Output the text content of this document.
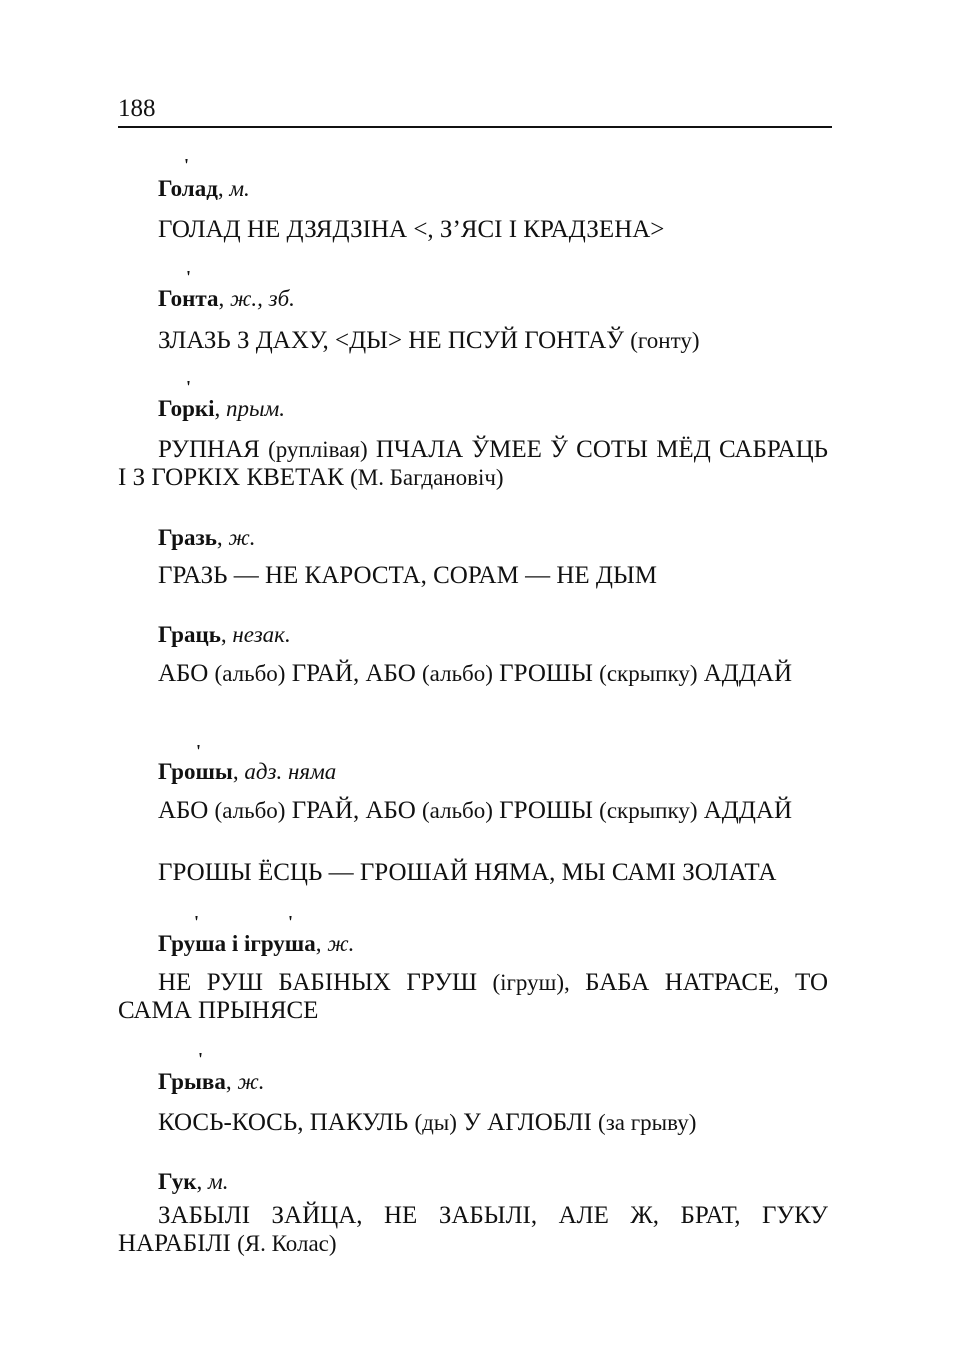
188
'
Голад, м.
ГОЛАД НЕ ДЗЯДЗІНА <, З’ЯСІ І КРАДЗЕНА>
'
Гонта, ж., зб.
ЗЛАЗЬ З ДАХУ, <ДЫ> НЕ ПСУЙ ГОНТАЎ (гонту)
'
Горкі, прым.
РУПНАЯ (руплівая) ПЧАЛА ЎМЕЕ Ў СОТЫ МЁД САБРАЦЬ І З ГОРКІХ КВЕТАК (М. Багдановіч)
Гразь, ж.
ГРАЗЬ — НЕ КАРОСТА, СОРАМ — НЕ ДЫМ
Граць, незак.
АБО (альбо) ГРАЙ, АБО (альбо) ГРОШЫ (скрыпку) АДДАЙ
'
Грошы, адз. няма
АБО (альбо) ГРАЙ, АБО (альбо) ГРОШЫ (скрыпку) АДДАЙ
ГРОШЫ ЁСЦЬ — ГРОШАЙ НЯМА, МЫ САМІ ЗОЛАТА
'	'
Груша і ігруша, ж.
НЕ РУШ БАБІНЫХ ГРУШ (ігруш), БАБА НАТРАСЕ, ТО САМА ПРЫНЯСЕ
'
Грыва, ж.
КОСЬ-КОСЬ, ПАКУЛЬ (ды) У АГЛОБЛІ (за грыву)
Гук, м.
ЗАБЫЛІ ЗАЙЦА, НЕ ЗАБЫЛІ, АЛЕ Ж, БРАТ, ГУКУ НАРАБІЛІ (Я. Колас)
